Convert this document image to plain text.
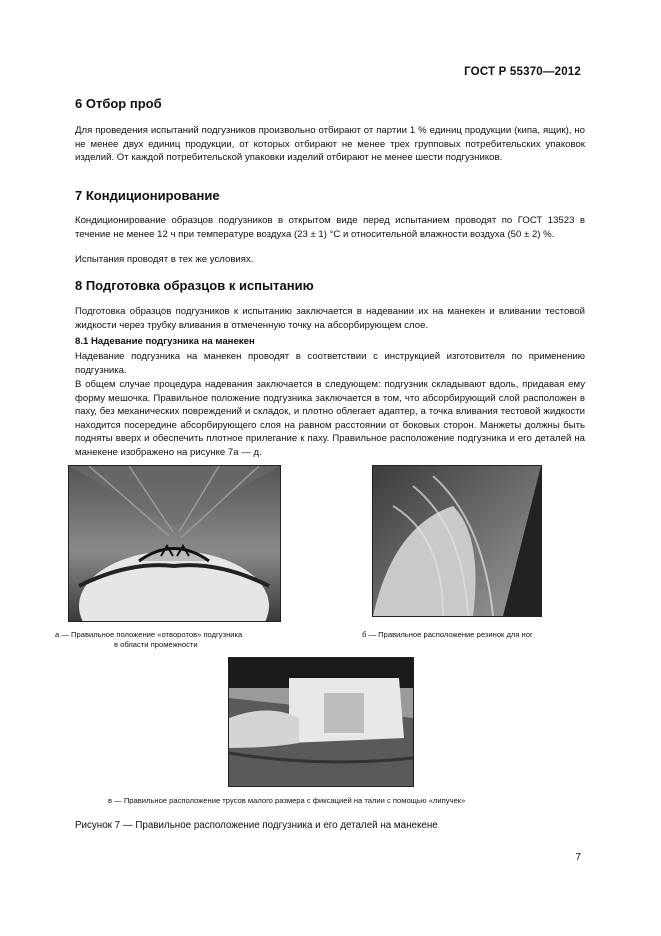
ГОСТ Р 55370—2012
6 Отбор проб

Для проведения испытаний подгузников произвольно отбирают от партии 1 % единиц продукции (кипа, ящик), но не менее двух единиц продукции, от которых отбирают не менее трех групповых потребительских упаковок изделий. От каждой потребительской упаковки изделий отбирают не менее шести подгузников.

7 Кондиционирование

Кондиционирование образцов подгузников в открытом виде перед испытанием проводят по ГОСТ 13523 в течение не менее 12 ч при температуре воздуха (23 ± 1) °С и относительной влажности воздуха (50 ± 2) %.

Испытания проводят в тех же условиях.

8 Подготовка образцов к испытанию

Подготовка образцов подгузников к испытанию заключается в надевании их на манекен и вливании тестовой жидкости через трубку вливания в отмеченную точку на абсорбирующем слое.

8.1 Надевание подгузника на манекен

Надевание подгузника на манекен проводят в соответствии с инструкцией изготовителя по применению подгузника.

В общем случае процедура надевания заключается в следующем: подгузник складывают вдоль, придавая ему форму мешочка. Правильное положение подгузника заключается в том, что абсорбирующий слой расположен в паху, без механических повреждений и складок, и плотно облегает адаптер, а точка вливания тестовой жидкости находится посередине абсорбирующего слоя на равном расстоянии от боковых сторон. Манжеты должны быть подняты вверх и обеспечить плотное прилегание к паху. Правильное расположение подгузника и его деталей на манекене изображено на рисунке 7а — д.

а — Правильное положение «отворотов» подгузника
в области промежности
б — Правильное расположение резинок для ног
в — Правильное расположение трусов малого размера с фиксацией на талии с помощью «липучек»
Рисунок 7 — Правильное расположение подгузника и его деталей на манекене
7
